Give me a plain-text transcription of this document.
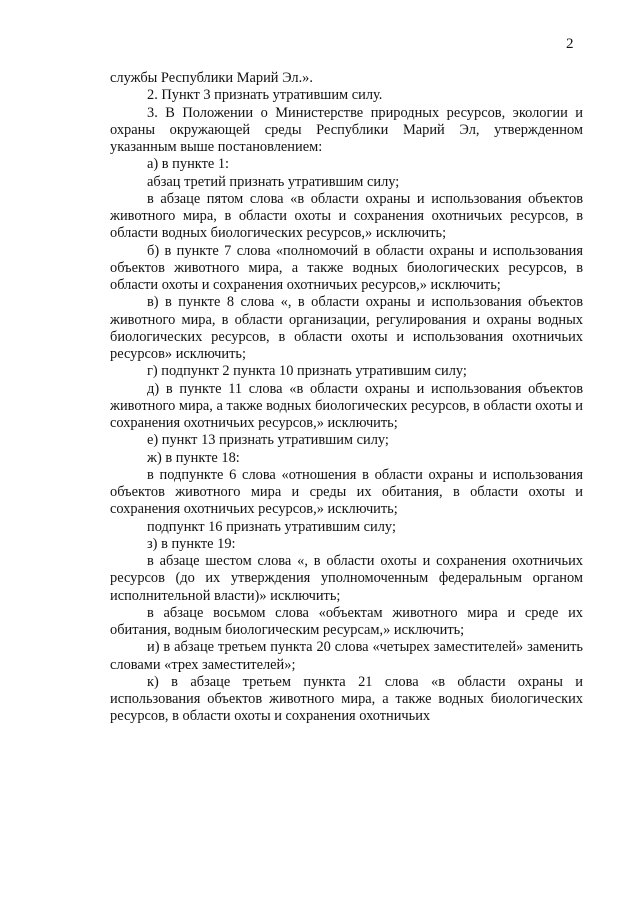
2

службы Республики Марий Эл.».

2. Пункт 3 признать утратившим силу.

3. В Положении о Министерстве природных ресурсов, экологии и охраны окружающей среды Республики Марий Эл, утвержденном указанным выше постановлением:

а) в пункте 1:

абзац третий признать утратившим силу;

в абзаце пятом слова «в области охраны и использования объектов животного мира, в области охоты и сохранения охотничьих ресурсов, в области водных биологических ресурсов,» исключить;

б) в пункте 7 слова «полномочий в области охраны и использования объектов животного мира, а также водных биологических ресурсов, в области охоты и сохранения охотничьих ресурсов,» исключить;

в) в пункте 8 слова «, в области охраны и использования объектов животного мира, в области организации, регулирования и охраны водных биологических ресурсов, в области охоты и использования охотничьих ресурсов» исключить;

г) подпункт 2 пункта 10 признать утратившим силу;

д) в пункте 11 слова «в области охраны и использования объектов животного мира, а также водных биологических ресурсов, в области охоты и сохранения охотничьих ресурсов,» исключить;

е) пункт 13 признать утратившим силу;

ж) в пункте 18:

в подпункте 6 слова «отношения в области охраны и использования объектов животного мира и среды их обитания, в области охоты и сохранения охотничьих ресурсов,» исключить;

подпункт 16 признать утратившим силу;

з) в пункте 19:

в абзаце шестом слова «, в области охоты и сохранения охотничьих ресурсов (до их утверждения уполномоченным федеральным органом исполнительной власти)» исключить;

в абзаце восьмом слова «объектам животного мира и среде их обитания, водным биологическим ресурсам,» исключить;

и) в абзаце третьем пункта 20 слова «четырех заместителей» заменить словами «трех заместителей»;

к) в абзаце третьем пункта 21 слова «в области охраны и использования объектов животного мира, а также водных биологических ресурсов, в области охоты и сохранения охотничьих
